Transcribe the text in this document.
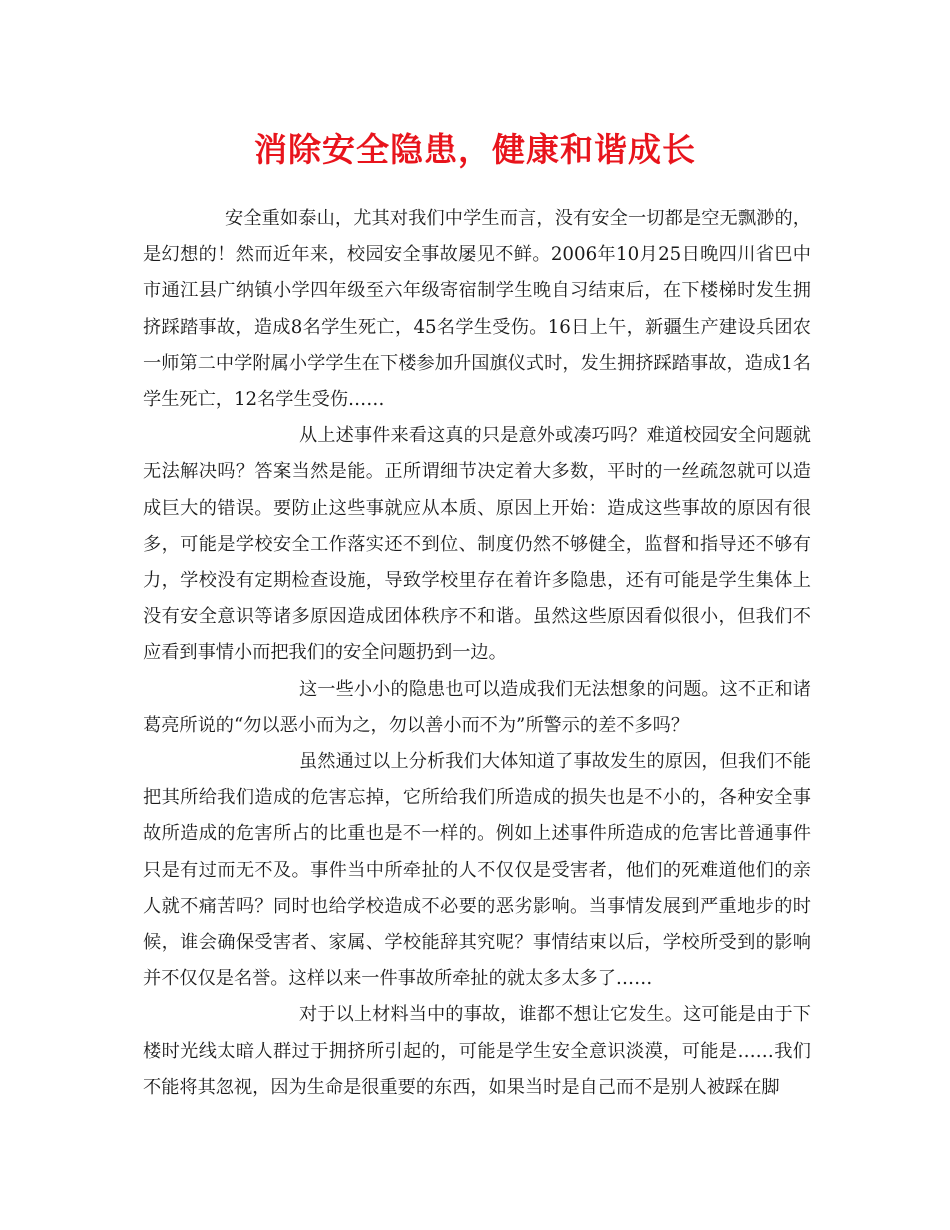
消除安全隐患，健康和谐成长

安全重如泰山，尤其对我们中学生而言，没有安全一切都是空无飘渺的，是幻想的！然而近年来，校园安全事故屡见不鲜。2006年10月25日晚四川省巴中市通江县广纳镇小学四年级至六年级寄宿制学生晚自习结束后，在下楼梯时发生拥挤踩踏事故，造成8名学生死亡，45名学生受伤。16日上午，新疆生产建设兵团农一师第二中学附属小学学生在下楼参加升国旗仪式时，发生拥挤踩踏事故，造成1名学生死亡，12名学生受伤……

从上述事件来看这真的只是意外或凑巧吗？难道校园安全问题就无法解决吗？答案当然是能。正所谓细节决定着大多数，平时的一丝疏忽就可以造成巨大的错误。要防止这些事就应从本质、原因上开始：造成这些事故的原因有很多，可能是学校安全工作落实还不到位、制度仍然不够健全，监督和指导还不够有力，学校没有定期检查设施，导致学校里存在着许多隐患，还有可能是学生集体上没有安全意识等诸多原因造成团体秩序不和谐。虽然这些原因看似很小，但我们不应看到事情小而把我们的安全问题扔到一边。

这一些小小的隐患也可以造成我们无法想象的问题。这不正和诸葛亮所说的“勿以恶小而为之，勿以善小而不为”所警示的差不多吗？

虽然通过以上分析我们大体知道了事故发生的原因，但我们不能把其所给我们造成的危害忘掉，它所给我们所造成的损失也是不小的，各种安全事故所造成的危害所占的比重也是不一样的。例如上述事件所造成的危害比普通事件只是有过而无不及。事件当中所牵扯的人不仅仅是受害者，他们的死难道他们的亲人就不痛苦吗？同时也给学校造成不必要的恶劣影响。当事情发展到严重地步的时候，谁会确保受害者、家属、学校能辞其究呢？事情结束以后，学校所受到的影响并不仅仅是名誉。这样以来一件事故所牵扯的就太多太多了……

对于以上材料当中的事故，谁都不想让它发生。这可能是由于下楼时光线太暗人群过于拥挤所引起的，可能是学生安全意识淡漠，可能是……我们不能将其忽视，因为生命是很重要的东西，如果当时是自己而不是别人被踩在脚
